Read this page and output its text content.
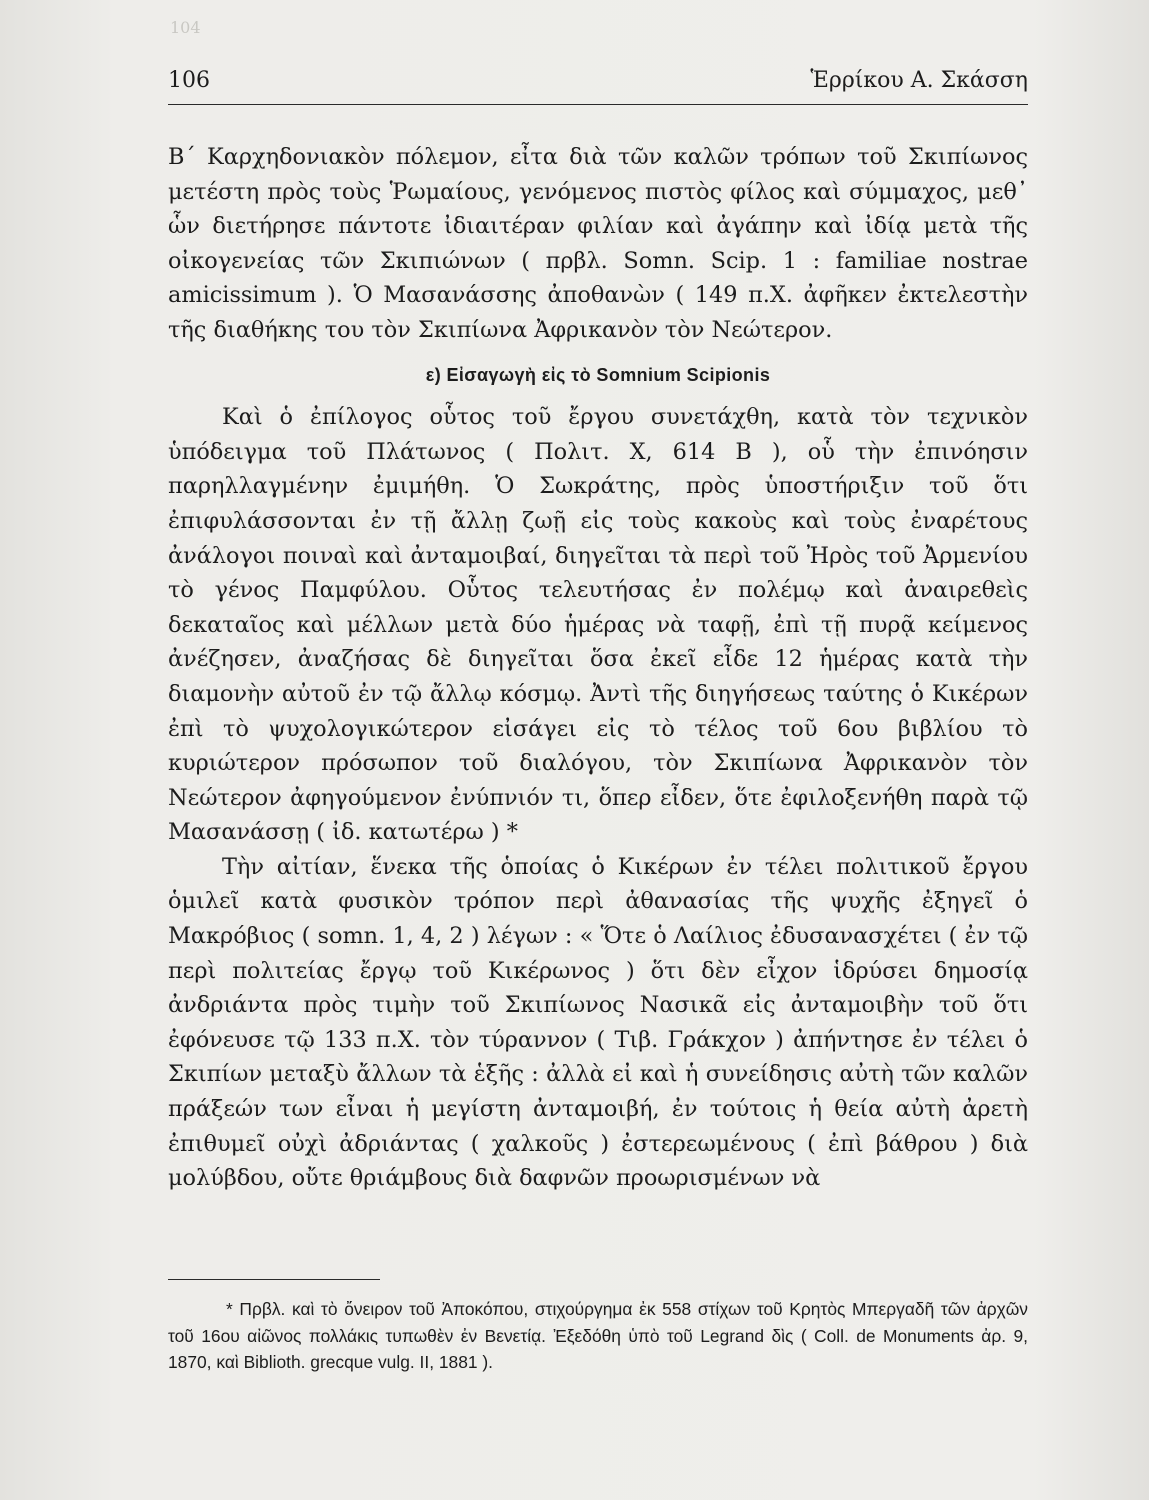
104
106	Ἑρρίκου Α. Σκάσση

Β΄ Καρχηδονιακὸν πόλεμον, εἶτα διὰ τῶν καλῶν τρόπων τοῦ Σκιπίωνος μετέστη πρὸς τοὺς Ῥωμαίους, γενόμενος πιστὸς φίλος καὶ σύμμαχος, μεθ᾿ ὧν διετήρησε πάντοτε ἰδιαιτέραν φιλίαν καὶ ἀγάπην καὶ ἰδίᾳ μετὰ τῆς οἰκογενείας τῶν Σκιπιώνων ( πρβλ. Somn. Scip. 1 : familiae nostrae amicissimum ). Ὁ Μασανάσσης ἀποθανὼν ( 149 π.Χ. ἀφῆκεν ἐκτελεστὴν τῆς διαθήκης του τὸν Σκιπίωνα Ἀφρικανὸν τὸν Νεώτερον.

ε) Εἰσαγωγὴ εἰς τὸ Somnium Scipionis

Καὶ ὁ ἐπίλογος οὗτος τοῦ ἔργου συνετάχθη, κατὰ τὸν τεχνικὸν ὑπόδειγμα τοῦ Πλάτωνος ( Πολιτ. Χ, 614 Β ), οὗ τὴν ἐπινόησιν παρηλλαγμένην ἐμιμήθη. Ὁ Σωκράτης, πρὸς ὑποστήριξιν τοῦ ὅτι ἐπιφυλάσσονται ἐν τῇ ἄλλῃ ζωῇ εἰς τοὺς κακοὺς καὶ τοὺς ἐναρέτους ἀνάλογοι ποιναὶ καὶ ἀνταμοιβαί, διηγεῖται τὰ περὶ τοῦ Ἠρὸς τοῦ Ἀρμενίου τὸ γένος Παμφύλου. Οὗτος τελευτήσας ἐν πολέμῳ καὶ ἀναιρεθεὶς δεκαταῖος καὶ μέλλων μετὰ δύο ἡμέρας νὰ ταφῇ, ἐπὶ τῇ πυρᾷ κείμενος ἀνέζησεν, ἀναζήσας δὲ διηγεῖται ὅσα ἐκεῖ εἶδε 12 ἡμέρας κατὰ τὴν διαμονὴν αὐτοῦ ἐν τῷ ἄλλῳ κόσμῳ. Ἀντὶ τῆς διηγήσεως ταύτης ὁ Κικέρων ἐπὶ τὸ ψυχολογικώτερον εἰσάγει εἰς τὸ τέλος τοῦ 6ου βιβλίου τὸ κυριώτερον πρόσωπον τοῦ διαλόγου, τὸν Σκιπίωνα Ἀφρικανὸν τὸν Νεώτερον ἀφηγούμενον ἐνύπνιόν τι, ὅπερ εἶδεν, ὅτε ἐφιλοξενήθη παρὰ τῷ Μασανάσσῃ ( ἰδ. κατωτέρω ) *

Τὴν αἰτίαν, ἕνεκα τῆς ὁποίας ὁ Κικέρων ἐν τέλει πολιτικοῦ ἔργου ὁμιλεῖ κατὰ φυσικὸν τρόπον περὶ ἀθανασίας τῆς ψυχῆς ἐξηγεῖ ὁ Μακρόβιος ( somn. 1, 4, 2 ) λέγων : « Ὅτε ὁ Λαίλιος ἐδυσανασχέτει ( ἐν τῷ περὶ πολιτείας ἔργῳ τοῦ Κικέρωνος ) ὅτι δὲν εἶχον ἱδρύσει δημοσίᾳ ἀνδριάντα πρὸς τιμὴν τοῦ Σκιπίωνος Νασικᾶ εἰς ἀνταμοιβὴν τοῦ ὅτι ἐφόνευσε τῷ 133 π.Χ. τὸν τύραννον ( Τιβ. Γράκχον ) ἀπήντησε ἐν τέλει ὁ Σκιπίων μεταξὺ ἄλλων τὰ ἑξῆς : ἀλλὰ εἰ καὶ ἡ συνείδησις αὐτὴ τῶν καλῶν πράξεών των εἶναι ἡ μεγίστη ἀνταμοιβή, ἐν τούτοις ἡ θεία αὐτὴ ἀρετὴ ἐπιθυμεῖ οὐχὶ ἀδριάντας ( χαλκοῦς ) ἐστερεωμένους ( ἐπὶ βάθρου ) διὰ μολύβδου, οὔτε θριάμβους διὰ δαφνῶν προωρισμένων νὰ

* Πρβλ. καὶ τὸ ὄνειρον τοῦ Ἀποκόπου, στιχούργημα ἐκ 558 στίχων τοῦ Κρητὸς Μπεργαδῆ τῶν ἀρχῶν τοῦ 16ου αἰῶνος πολλάκις τυπωθὲν ἐν Βενετίᾳ. Ἐξεδόθη ὑπὸ τοῦ Legrand δὶς ( Coll. de Monuments ἀρ. 9, 1870, καὶ Biblioth. grecque vulg. II, 1881 ).
